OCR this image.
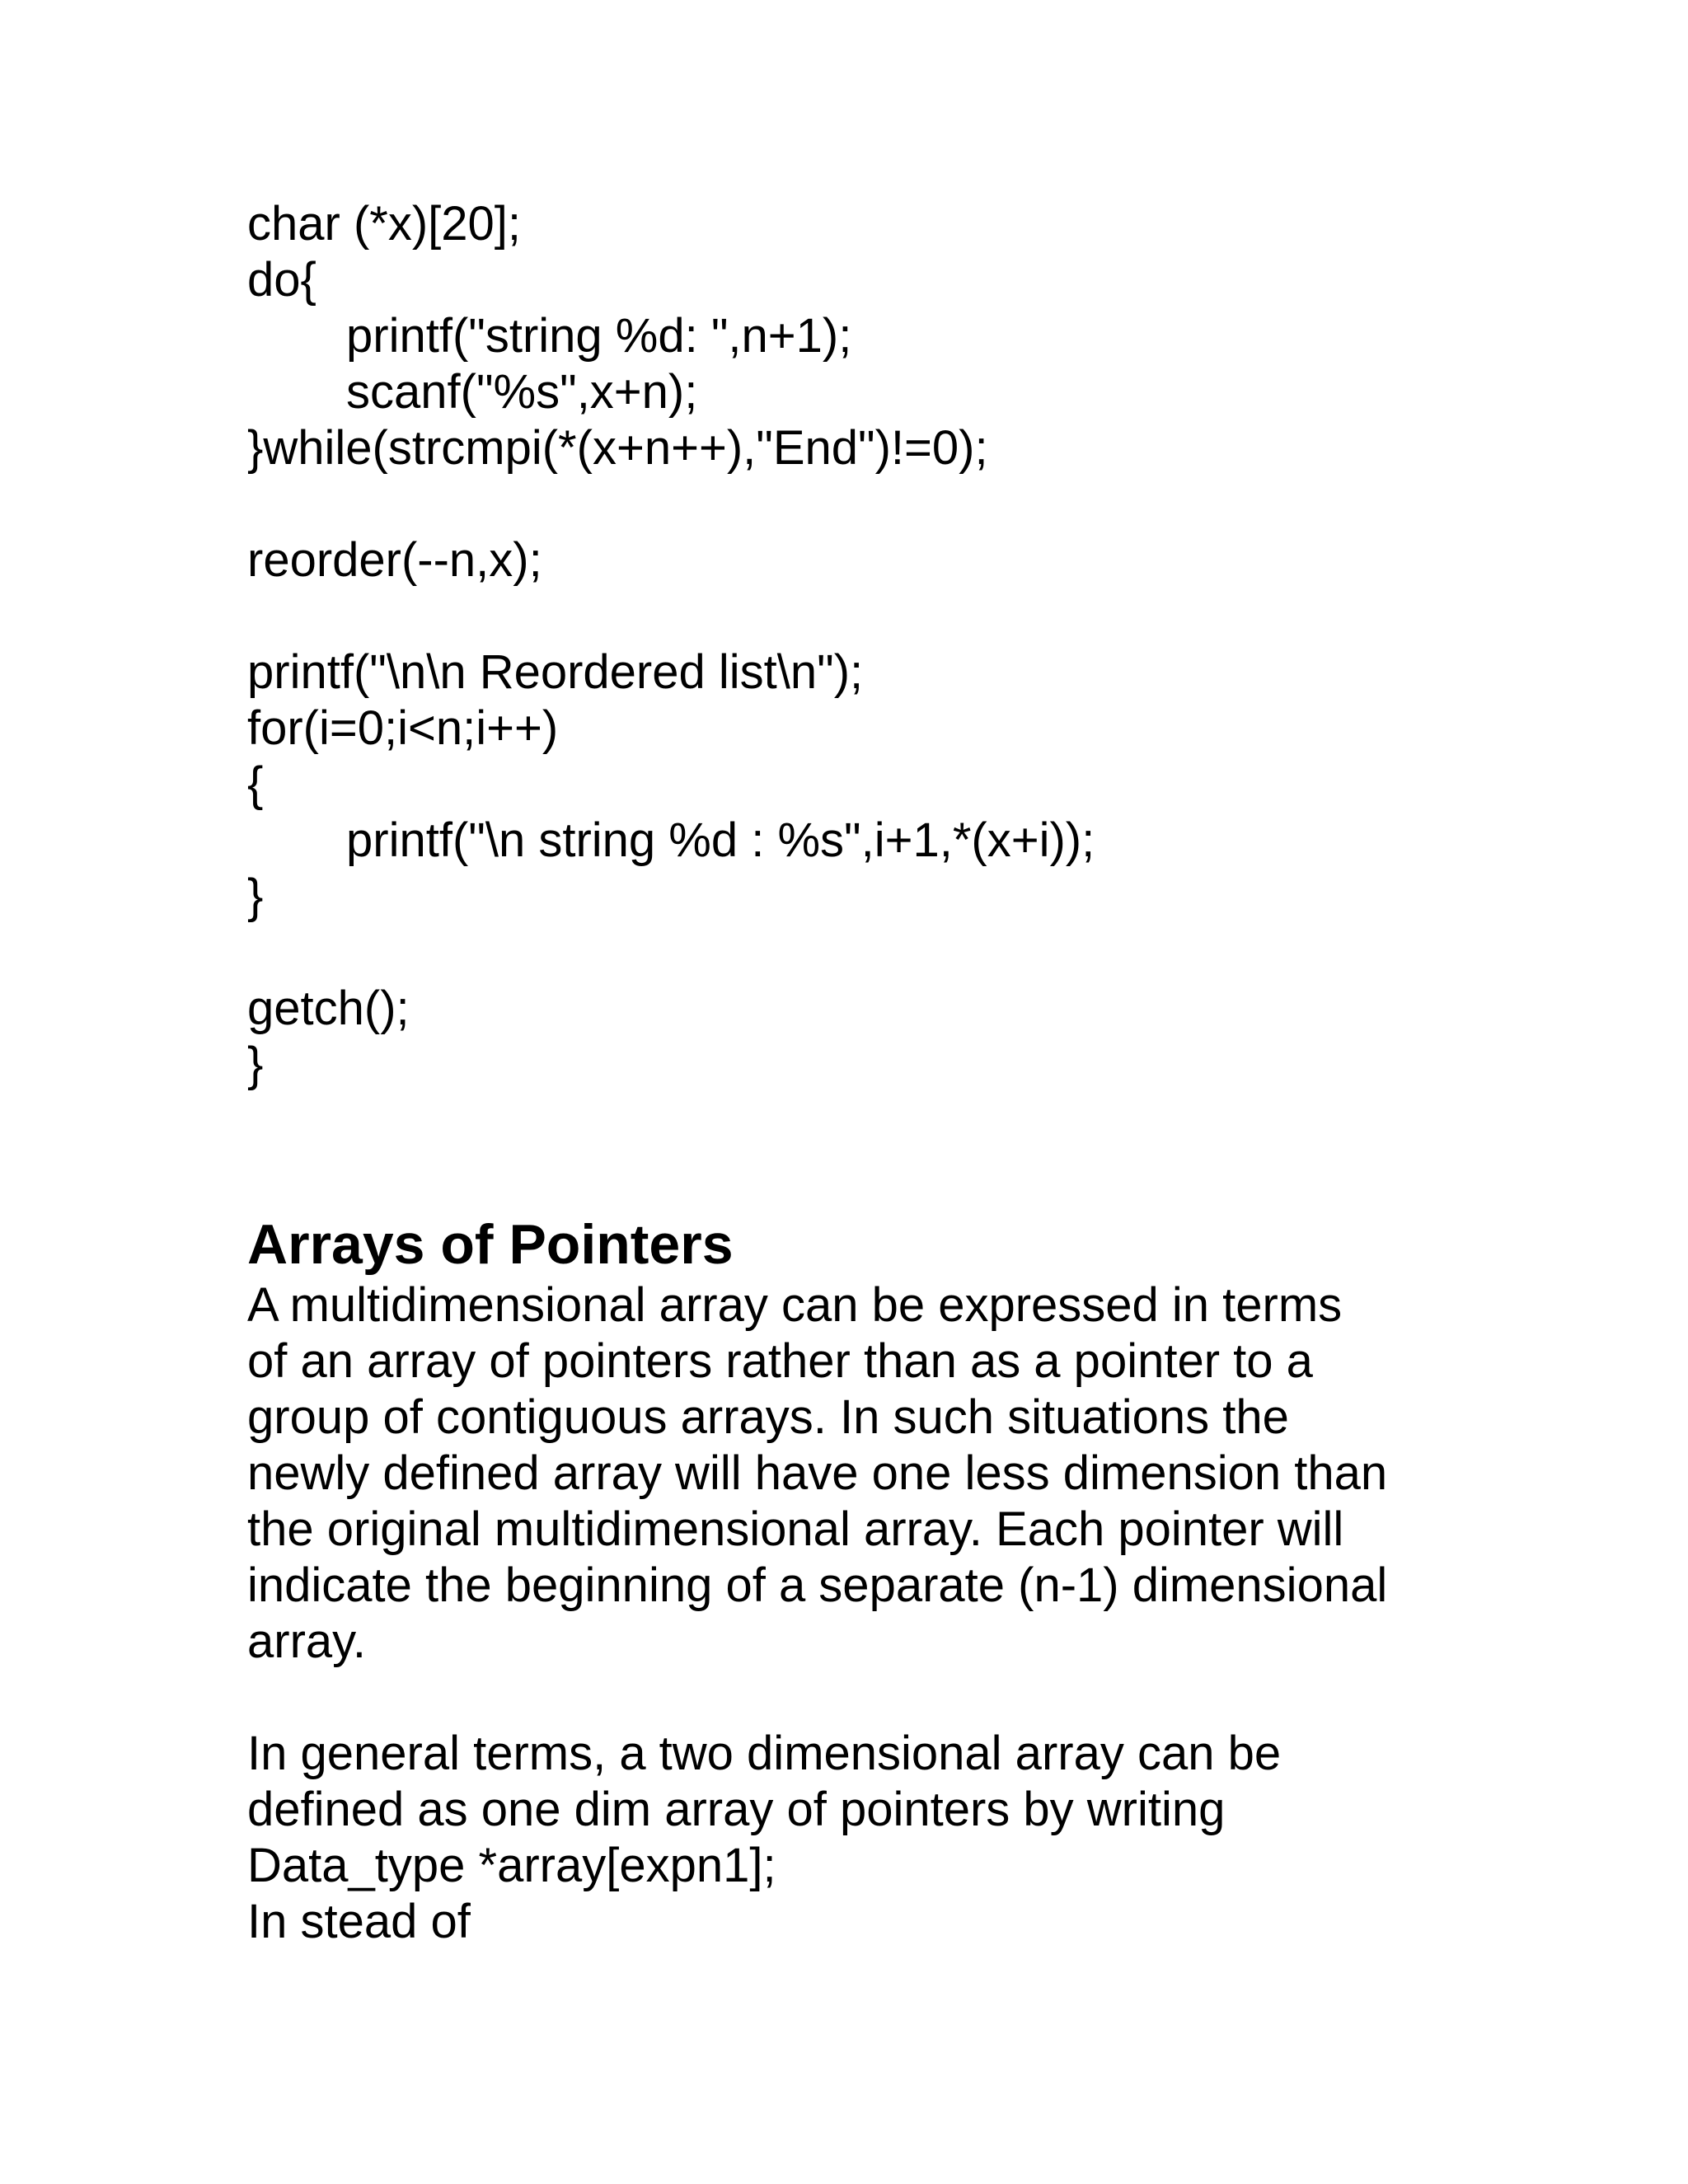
char (*x)[20];
do{
printf("string %d: ",n+1);
scanf("%s",x+n);
}while(strcmpi(*(x+n++),"End")!=0);
reorder(--n,x);
printf("\n\n Reordered list\n");
for(i=0;i<n;i++)
{
printf("\n string %d : %s",i+1,*(x+i));
}
getch();
}
Arrays of Pointers
A multidimensional array can be expressed in terms
of an array of pointers rather than as a pointer to a
group of contiguous arrays. In such situations the
newly defined array will have one less dimension than
the original multidimensional array. Each pointer will
indicate the beginning of a separate (n-1) dimensional
array.
In general terms, a two dimensional array can be
defined as one dim array of pointers by writing
Data_type *array[expn1];
In stead of
